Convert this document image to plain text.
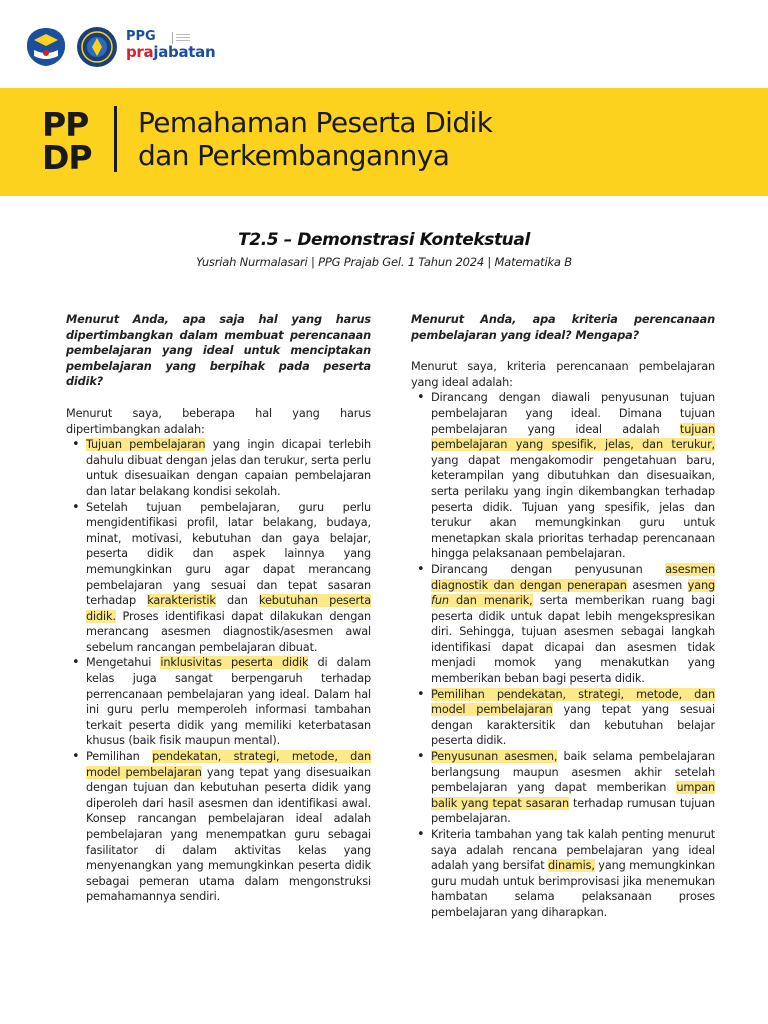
PPG
prajabatan
PP
DP
Pemahaman Peserta Didik
dan Perkembangannya
T2.5 – Demonstrasi Kontekstual
Yusriah Nurmalasari | PPG Prajab Gel. 1 Tahun 2024 | Matematika B

Menurut Anda, apa saja hal yang harus dipertimbangkan dalam membuat perencanaan pembelajaran yang ideal untuk menciptakan pembelajaran yang berpihak pada peserta didik?

Menurut saya, beberapa hal yang harus dipertimbangkan adalah:

• Tujuan pembelajaran yang ingin dicapai terlebih dahulu dibuat dengan jelas dan terukur, serta perlu untuk disesuaikan dengan capaian pembelajaran dan latar belakang kondisi sekolah.
• Setelah tujuan pembelajaran, guru perlu mengidentifikasi profil, latar belakang, budaya, minat, motivasi, kebutuhan dan gaya belajar, peserta didik dan aspek lainnya yang memungkinkan guru agar dapat merancang pembelajaran yang sesuai dan tepat sasaran terhadap karakteristik dan kebutuhan peserta didik. Proses identifikasi dapat dilakukan dengan merancang asesmen diagnostik/asesmen awal sebelum rancangan pembelajaran dibuat.
• Mengetahui inklusivitas peserta didik di dalam kelas juga sangat berpengaruh terhadap perrencanaan pembelajaran yang ideal. Dalam hal ini guru perlu memperoleh informasi tambahan terkait peserta didik yang memiliki keterbatasan khusus (baik fisik maupun mental).
• Pemilihan pendekatan, strategi, metode, dan model pembelajaran yang tepat yang disesuaikan dengan tujuan dan kebutuhan peserta didik yang diperoleh dari hasil asesmen dan identifikasi awal. Konsep rancangan pembelajaran ideal adalah pembelajaran yang menempatkan guru sebagai fasilitator di dalam aktivitas kelas yang menyenangkan yang memungkinkan peserta didik sebagai pemeran utama dalam mengonstruksi pemahamannya sendiri.

Menurut Anda, apa kriteria perencanaan pembelajaran yang ideal? Mengapa?

Menurut saya, kriteria perencanaan pembelajaran yang ideal adalah:

• Dirancang dengan diawali penyusunan tujuan pembelajaran yang ideal. Dimana tujuan pembelajaran yang ideal adalah tujuan pembelajaran yang spesifik, jelas, dan terukur, yang dapat mengakomodir pengetahuan baru, keterampilan yang dibutuhkan dan disesuaikan, serta perilaku yang ingin dikembangkan terhadap peserta didik. Tujuan yang spesifik, jelas dan terukur akan memungkinkan guru untuk menetapkan skala prioritas terhadap perencanaan hingga pelaksanaan pembelajaran.
• Dirancang dengan penyusunan asesmen diagnostik dan dengan penerapan asesmen yang fun dan menarik, serta memberikan ruang bagi peserta didik untuk dapat lebih mengekspresikan diri. Sehingga, tujuan asesmen sebagai langkah identifikasi dapat dicapai dan asesmen tidak menjadi momok yang menakutkan yang memberikan beban bagi peserta didik.
• Pemilihan pendekatan, strategi, metode, dan model pembelajaran yang tepat yang sesuai dengan karaktersitik dan kebutuhan belajar peserta didik.
• Penyusunan asesmen, baik selama pembelajaran berlangsung maupun asesmen akhir setelah pembelajaran yang dapat memberikan umpan balik yang tepat sasaran terhadap rumusan tujuan pembelajaran.
• Kriteria tambahan yang tak kalah penting menurut saya adalah rencana pembelajaran yang ideal adalah yang bersifat dinamis, yang memungkinkan guru mudah untuk berimprovisasi jika menemukan hambatan selama pelaksanaan proses pembelajaran yang diharapkan.
